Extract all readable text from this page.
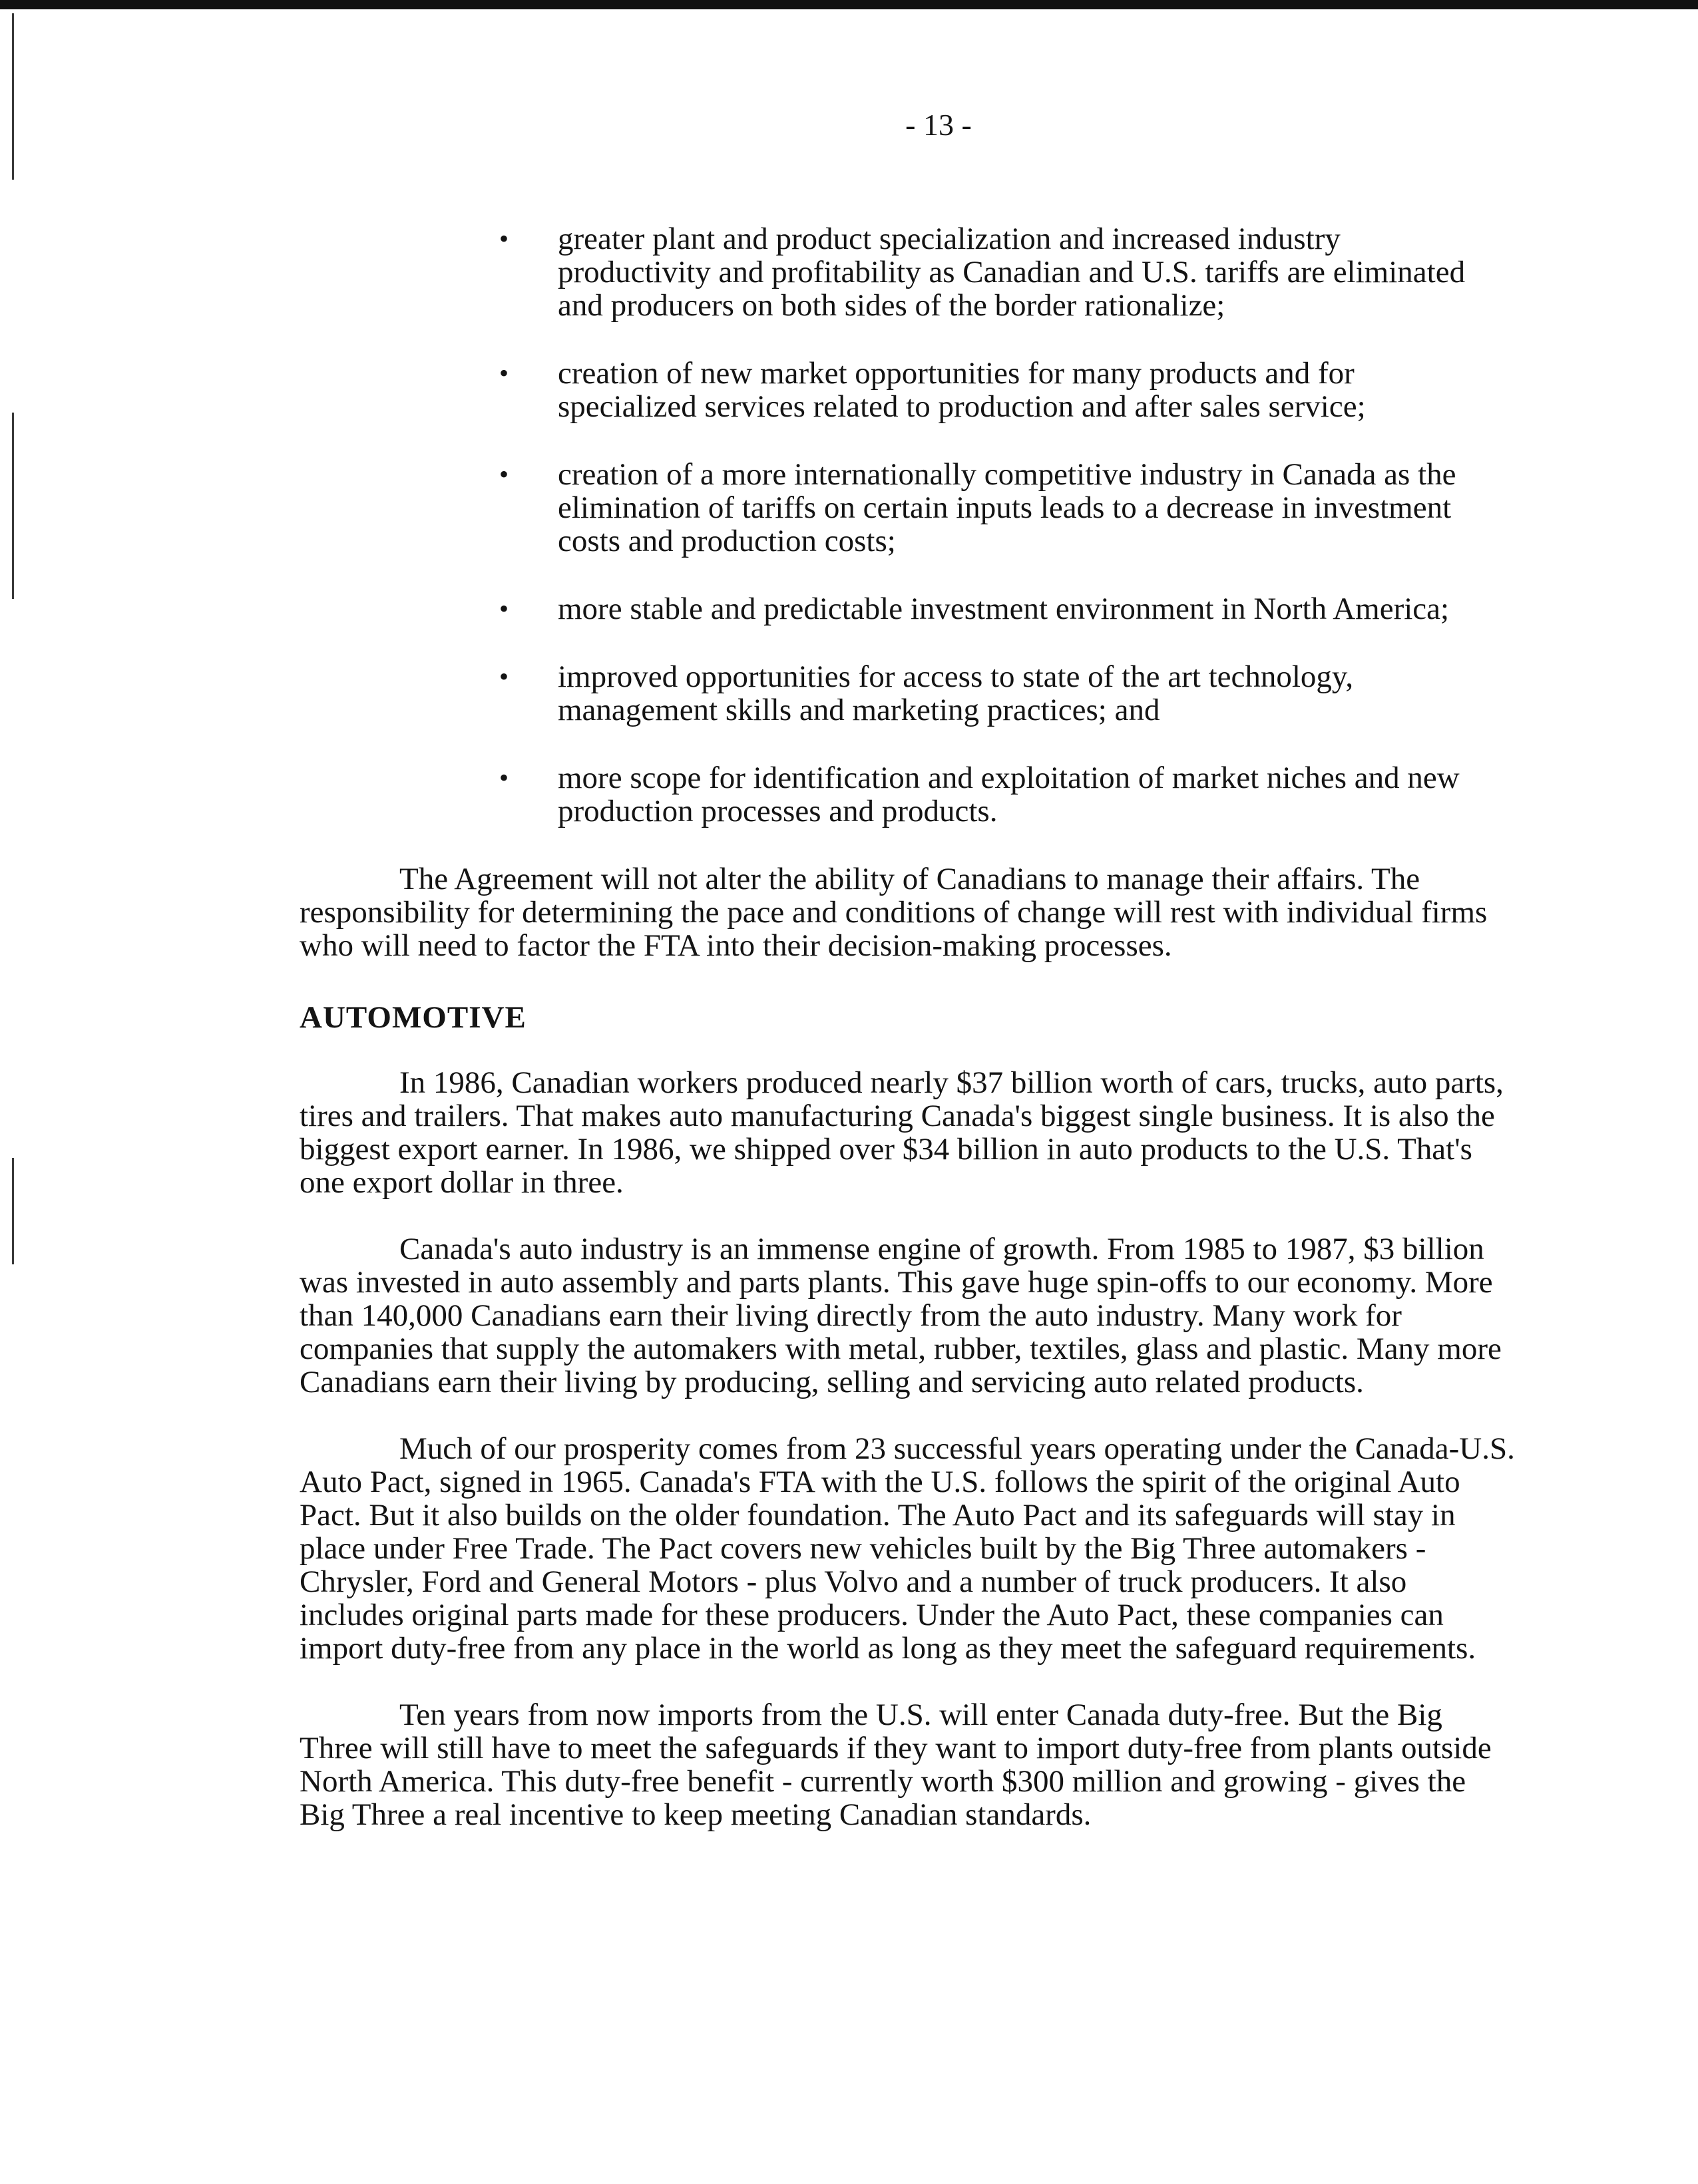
- 13 -
• greater plant and product specialization and increased industry productivity and profitability as Canadian and U.S. tariffs are eliminated and producers on both sides of the border rationalize;
• creation of new market opportunities for many products and for specialized services related to production and after sales service;
• creation of a more internationally competitive industry in Canada as the elimination of tariffs on certain inputs leads to a decrease in investment costs and production costs;
• more stable and predictable investment environment in North America;
• improved opportunities for access to state of the art technology, management skills and marketing practices; and
• more scope for identification and exploitation of market niches and new production processes and products.

The Agreement will not alter the ability of Canadians to manage their affairs. The responsibility for determining the pace and conditions of change will rest with individual firms who will need to factor the FTA into their decision-making processes.

AUTOMOTIVE

In 1986, Canadian workers produced nearly $37 billion worth of cars, trucks, auto parts, tires and trailers. That makes auto manufacturing Canada's biggest single business. It is also the biggest export earner. In 1986, we shipped over $34 billion in auto products to the U.S. That's one export dollar in three.

Canada's auto industry is an immense engine of growth. From 1985 to 1987, $3 billion was invested in auto assembly and parts plants. This gave huge spin-offs to our economy. More than 140,000 Canadians earn their living directly from the auto industry. Many work for companies that supply the automakers with metal, rubber, textiles, glass and plastic. Many more Canadians earn their living by producing, selling and servicing auto related products.

Much of our prosperity comes from 23 successful years operating under the Canada-U.S. Auto Pact, signed in 1965. Canada's FTA with the U.S. follows the spirit of the original Auto Pact. But it also builds on the older foundation. The Auto Pact and its safeguards will stay in place under Free Trade. The Pact covers new vehicles built by the Big Three automakers - Chrysler, Ford and General Motors - plus Volvo and a number of truck producers. It also includes original parts made for these producers. Under the Auto Pact, these companies can import duty-free from any place in the world as long as they meet the safeguard requirements.

Ten years from now imports from the U.S. will enter Canada duty-free. But the Big Three will still have to meet the safeguards if they want to import duty-free from plants outside North America. This duty-free benefit - currently worth $300 million and growing - gives the Big Three a real incentive to keep meeting Canadian standards.
